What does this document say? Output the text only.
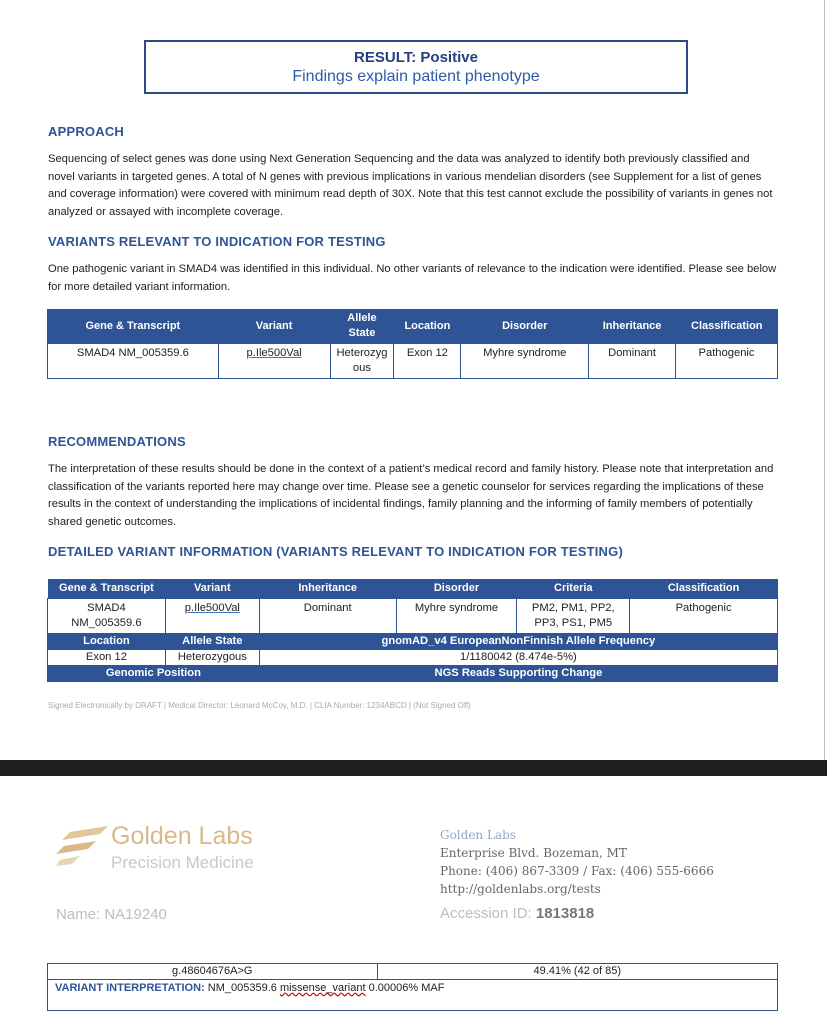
RESULT: Positive
Findings explain patient phenotype
APPROACH
Sequencing of select genes was done using Next Generation Sequencing and the data was analyzed to identify both previously classified and novel variants in targeted genes. A total of N genes with previous implications in various mendelian disorders (see Supplement for a list of genes and coverage information) were covered with minimum read depth of 30X. Note that this test cannot exclude the possibility of variants in genes not analyzed or assayed with incomplete coverage.
VARIANTS RELEVANT TO INDICATION FOR TESTING
One pathogenic variant in SMAD4 was identified in this individual. No other variants of relevance to the indication were identified. Please see below for more detailed variant information.
Gene & Transcript	Variant	Allele State	Location	Disorder	Inheritance	Classification
SMAD4 NM_005359.6	p.Ile500Val	Heterozygous	Exon 12	Myhre syndrome	Dominant	Pathogenic
RECOMMENDATIONS
The interpretation of these results should be done in the context of a patient’s medical record and family history. Please note that interpretation and classification of the variants reported here may change over time. Please see a genetic counselor for services regarding the implications of these results in the context of understanding the implications of incidental findings, family planning and the informing of family members of potentially shared genetic outcomes.
DETAILED VARIANT INFORMATION (VARIANTS RELEVANT TO INDICATION FOR TESTING)
Gene & Transcript	Variant	Inheritance	Disorder	Criteria	Classification
SMAD4 NM_005359.6	p.Ile500Val	Dominant	Myhre syndrome	PM2, PM1, PP2, PP3, PS1, PM5	Pathogenic
Location	Allele State	gnomAD_v4 EuropeanNonFinnish Allele Frequency			
Exon 12	Heterozygous	1/1180042 (8.474e-5%)			
Genomic Position		NGS Reads Supporting Change			
Signed Electronically by DRAFT | Medical Director: Leonard McCoy, M.D. | CLIA Number: 1234ABCD | (Not Signed Off)
Golden Labs
Precision Medicine
Golden Labs
Enterprise Blvd. Bozeman, MT
Phone: (406) 867-3309 / Fax: (406) 555-6666
http://goldenlabs.org/tests
Name: NA19240	Accession ID: 1813818
g.48604676A>G	49.41% (42 of 85)
VARIANT INTERPRETATION: NM_005359.6 missense_variant 0.00006% MAF
